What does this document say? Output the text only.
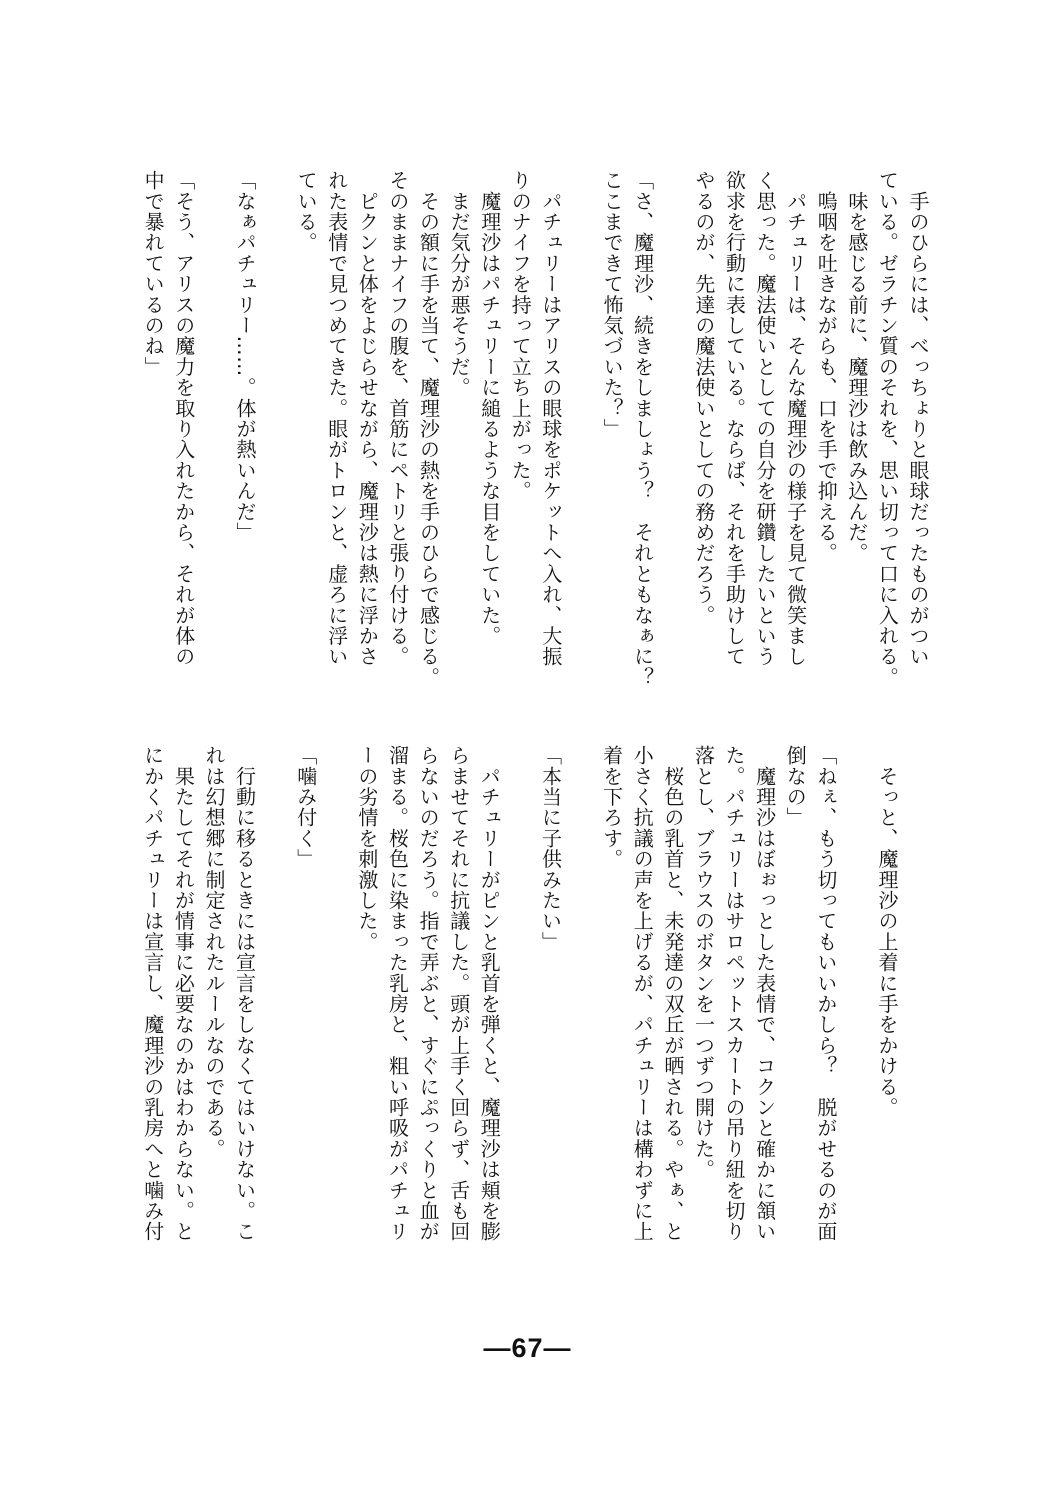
　手のひらには、べっちょりと眼球だったものがつい
ている。ゼラチン質のそれを、思い切って口に入れる。
　味を感じる前に、魔理沙は飲み込んだ。
　嗚咽を吐きながらも、口を手で抑える。
　パチュリーは、そんな魔理沙の様子を見て微笑まし
く思った。魔法使いとしての自分を研鑽したいという
欲求を行動に表している。ならば、それを手助けして
やるのが、先達の魔法使いとしての務めだろう。
「さ、魔理沙、続きをしましょう？　それともなぁに？
ここまできて怖気づいた？」
　パチュリーはアリスの眼球をポケットへ入れ、大振
りのナイフを持って立ち上がった。
　魔理沙はパチュリーに縋るような目をしていた。
　まだ気分が悪そうだ。
　その額に手を当て、魔理沙の熱を手のひらで感じる。
そのままナイフの腹を、首筋にペトリと張り付ける。
　ピクンと体をよじらせながら、魔理沙は熱に浮かさ
れた表情で見つめてきた。眼がトロンと、虚ろに浮い
ている。
「なぁパチュリー……。体が熱いんだ」
「そう、アリスの魔力を取り入れたから、それが体の
中で暴れているのね」
　そっと、魔理沙の上着に手をかける。
「ねぇ、もう切ってもいいかしら？　脱がせるのが面
倒なの」
　魔理沙はぼぉっとした表情で、コクンと確かに頷い
た。パチュリーはサロペットスカートの吊り紐を切り
落とし、ブラウスのボタンを一つずつ開けた。
　桜色の乳首と、未発達の双丘が晒される。やぁ、と
小さく抗議の声を上げるが、パチュリーは構わずに上
着を下ろす。
「本当に子供みたい」
　パチュリーがピンと乳首を弾くと、魔理沙は頬を膨
らませてそれに抗議した。頭が上手く回らず、舌も回
らないのだろう。指で弄ぶと、すぐにぷっくりと血が
溜まる。桜色に染まった乳房と、粗い呼吸がパチュリ
ーの劣情を刺激した。
「噛み付く」
　行動に移るときには宣言をしなくてはいけない。こ
れは幻想郷に制定されたルールなのである。
　果たしてそれが情事に必要なのかはわからない。と
にかくパチュリーは宣言し、魔理沙の乳房へと噛み付
—67—
